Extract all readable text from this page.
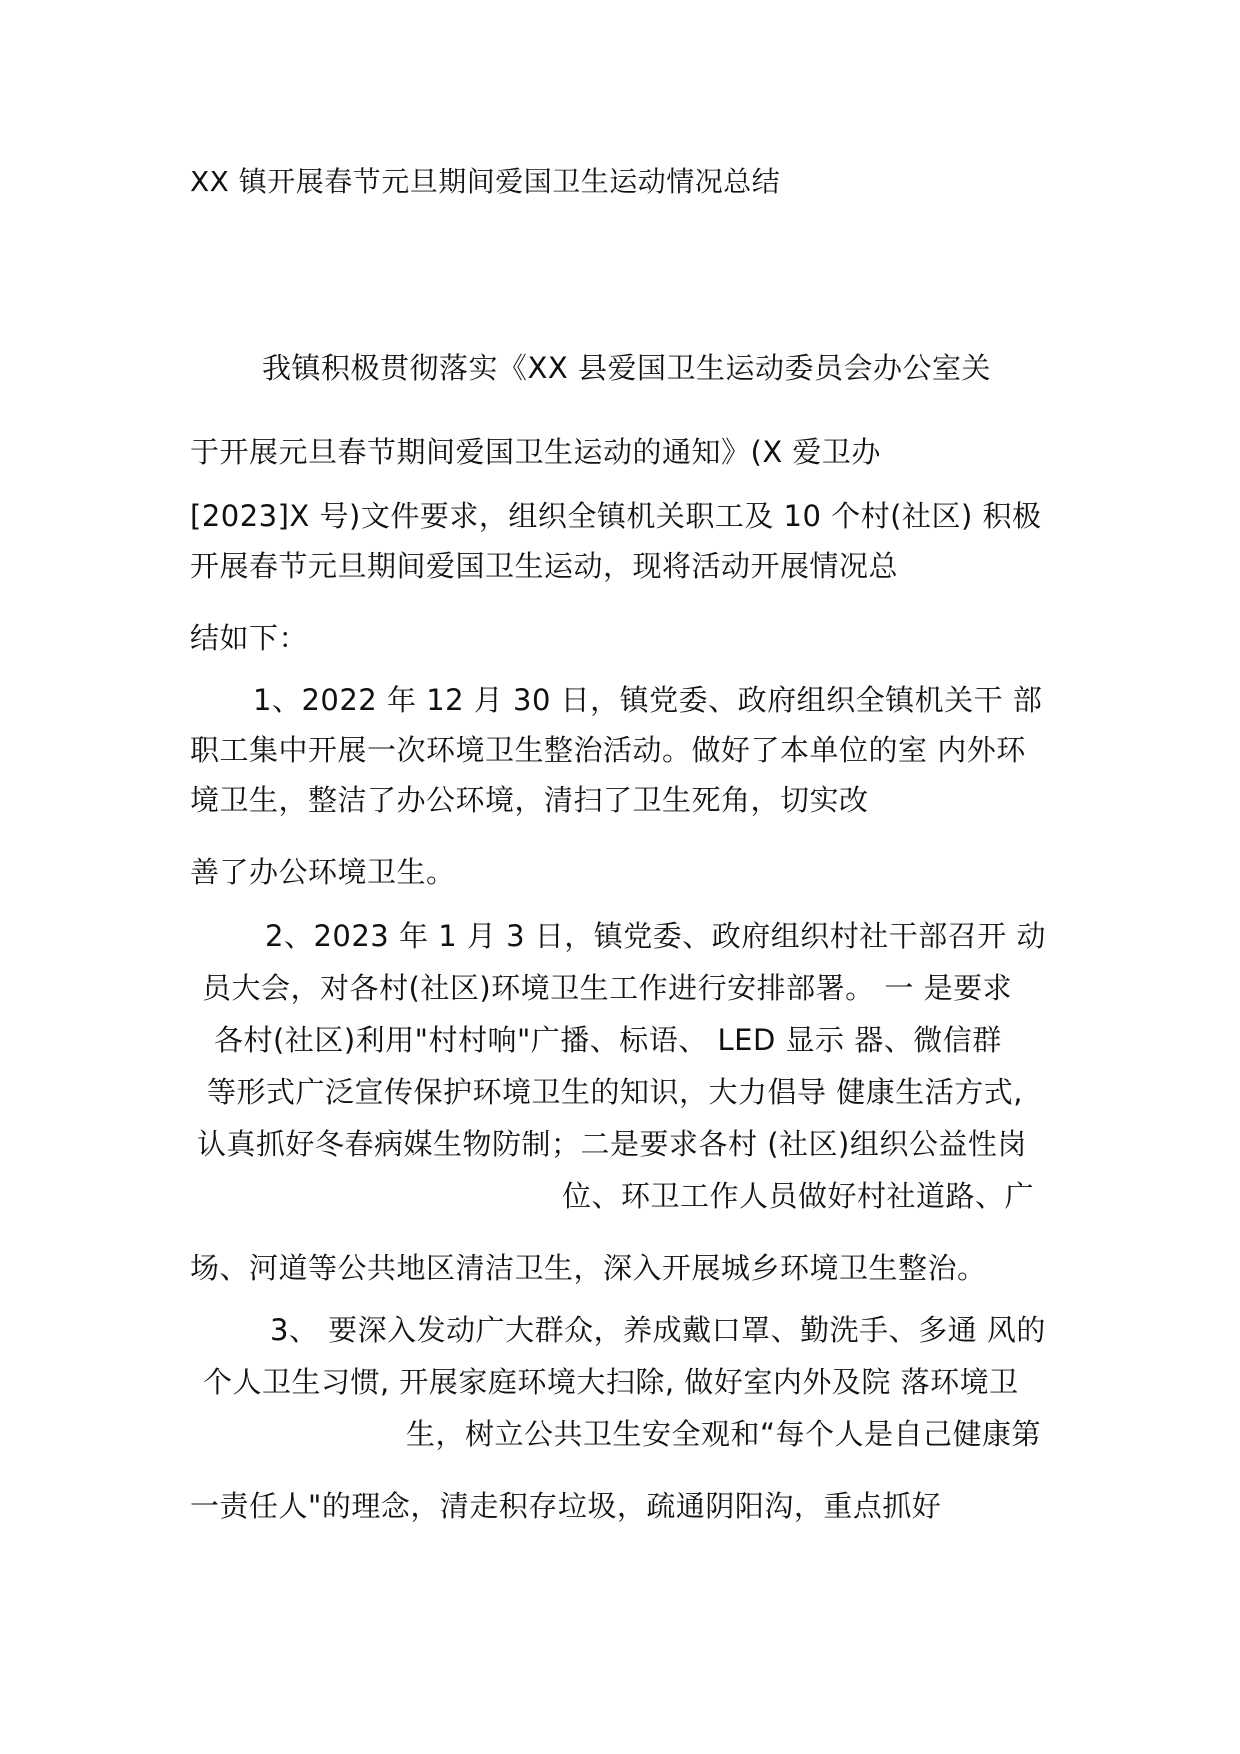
XX 镇开展春节元旦期间爱国卫生运动情况总结
我镇积极贯彻落实《XX 县爱国卫生运动委员会办公室关
于开展元旦春节期间爱国卫生运动的通知》(X 爱卫办
[2023]X 号)文件要求，组织全镇机关职工及 10 个村(社区) 积极
开展春节元旦期间爱国卫生运动，现将活动开展情况总
结如下：
1、2022 年 12 月 30 日，镇党委、政府组织全镇机关干 部
职工集中开展一次环境卫生整治活动。做好了本单位的室 内外环
境卫生，整洁了办公环境，清扫了卫生死角，切实改
善了办公环境卫生。
2、2023 年 1 月 3 日，镇党委、政府组织村社干部召开 动
员大会，对各村(社区)环境卫生工作进行安排部署。 一 是要求
各村(社区)利用"村村响"广播、标语、 LED 显示 器、微信群
等形式广泛宣传保护环境卫生的知识，大力倡导 健康生活方式,
认真抓好冬春病媒生物防制；二是要求各村 (社区)组织公益性岗
位、环卫工作人员做好村社道路、广
场、河道等公共地区清洁卫生，深入开展城乡环境卫生整治。
3、 要深入发动广大群众，养成戴口罩、勤洗手、多通 风的
个人卫生习惯, 开展家庭环境大扫除, 做好室内外及院 落环境卫
生，树立公共卫生安全观和“每个人是自己健康第
一责任人"的理念，清走积存垃圾，疏通阴阳沟，重点抓好
